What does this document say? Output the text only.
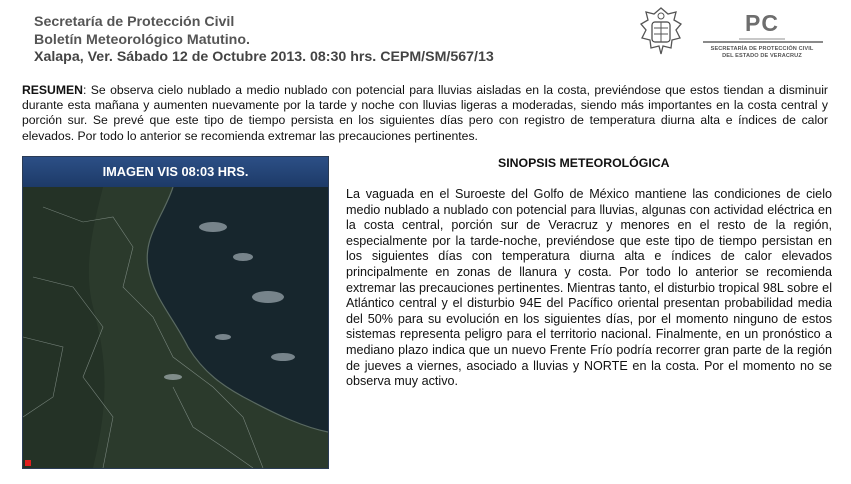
Secretaría de Protección Civil
Boletín Meteorológico Matutino.
Xalapa, Ver. Sábado 12 de Octubre 2013. 08:30 hrs. CEPM/SM/567/13
PC
SECRETARÍA DE PROTECCIÓN CIVIL
DEL ESTADO DE VERACRUZ
RESUMEN: Se observa cielo nublado a medio nublado con potencial para lluvias aisladas en la costa, previéndose que estos tiendan a disminuir durante esta mañana y aumenten nuevamente por la tarde y noche con lluvias ligeras a moderadas, siendo más importantes en la costa central y porción sur. Se prevé que este tipo de tiempo persista en los siguientes días pero con registro de temperatura diurna alta e índices de calor elevados. Por todo lo anterior se recomienda extremar las precauciones pertinentes.
IMAGEN VIS 08:03 HRS.
SINOPSIS METEOROLÓGICA
La vaguada en el Suroeste del Golfo de México mantiene las condiciones de cielo medio nublado a nublado con potencial para lluvias, algunas con actividad eléctrica en la costa central, porción sur de Veracruz y menores en el resto de la región, especialmente por la tarde-noche, previéndose que este tipo de tiempo persistan en los siguientes días con temperatura diurna alta e índices de calor elevados principalmente en zonas de llanura y costa. Por todo lo anterior se recomienda extremar las precauciones pertinentes. Mientras tanto, el disturbio tropical 98L sobre el Atlántico central y el disturbio 94E del Pacífico oriental presentan probabilidad media del 50% para su evolución en los siguientes días, por el momento ninguno de estos sistemas representa peligro para el territorio nacional. Finalmente, en un pronóstico a mediano plazo indica que un nuevo Frente Frío podría recorrer gran parte de la región de jueves a viernes, asociado a lluvias y NORTE en la costa. Por el momento no se observa muy activo.
